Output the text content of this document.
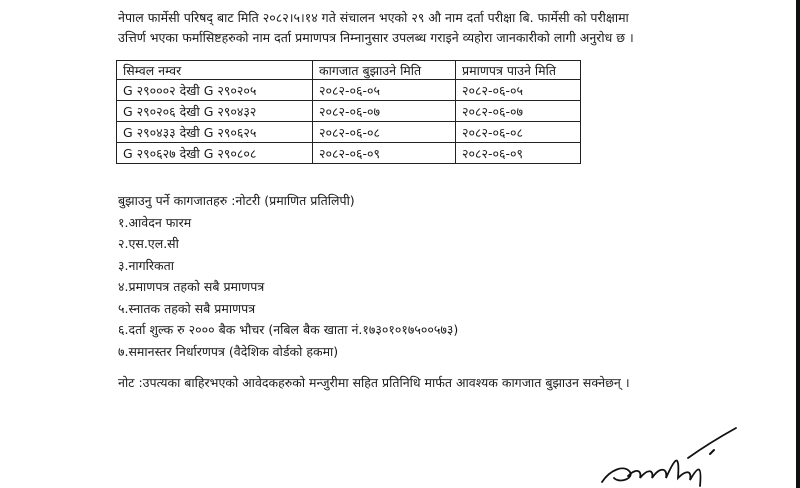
नेपाल फार्मेसी परिषद् बाट मिति २०८२।५।१४ गते संचालन भएको २९ औ नाम दर्ता परीक्षा बि. फार्मेसी को परीक्षामा

उत्तिर्ण भएका फर्मासिष्टहरुको नाम दर्ता प्रमाणपत्र निम्नानुसार उपलब्ध गराइने व्यहोरा जानकारीको लागी अनुरोध छ ।

सिम्वल नम्वर	कागजात बुझाउने मिति	प्रमाणपत्र पाउने मिति
G २९०००२ देखी G २९०२०५	२०८२-०६-०५	२०८२-०६-०५
G २९०२०६ देखी G २९०४३२	२०८२-०६-०७	२०८२-०६-०७
G २९०४३३ देखी G २९०६२५	२०८२-०६-०८	२०८२-०६-०८
G २९०६२७ देखी G २९०८०८	२०८२-०६-०९	२०८२-०६-०९
बुझाउनु पर्ने कागजातहरु :नोटरी (प्रमाणित प्रतिलिपी)
१.आवेदन फारम
२.एस.एल.सी
३.नागरिकता
४.प्रमाणपत्र तहको सबै प्रमाणपत्र
५.स्नातक तहको सबै प्रमाणपत्र
६.दर्ता शुल्क रु २००० बैक भौचर (नबिल बैक खाता नं.१७३०१०१७५००५७३)
७.समानस्तर निर्धारणपत्र (वैदेशिक वोर्डको हकमा)
नोट :उपत्यका बाहिरभएको आवेदकहरुको मन्जुरीमा सहित प्रतिनिधि मार्फत आवश्यक कागजात बुझाउन सक्नेछन् ।
